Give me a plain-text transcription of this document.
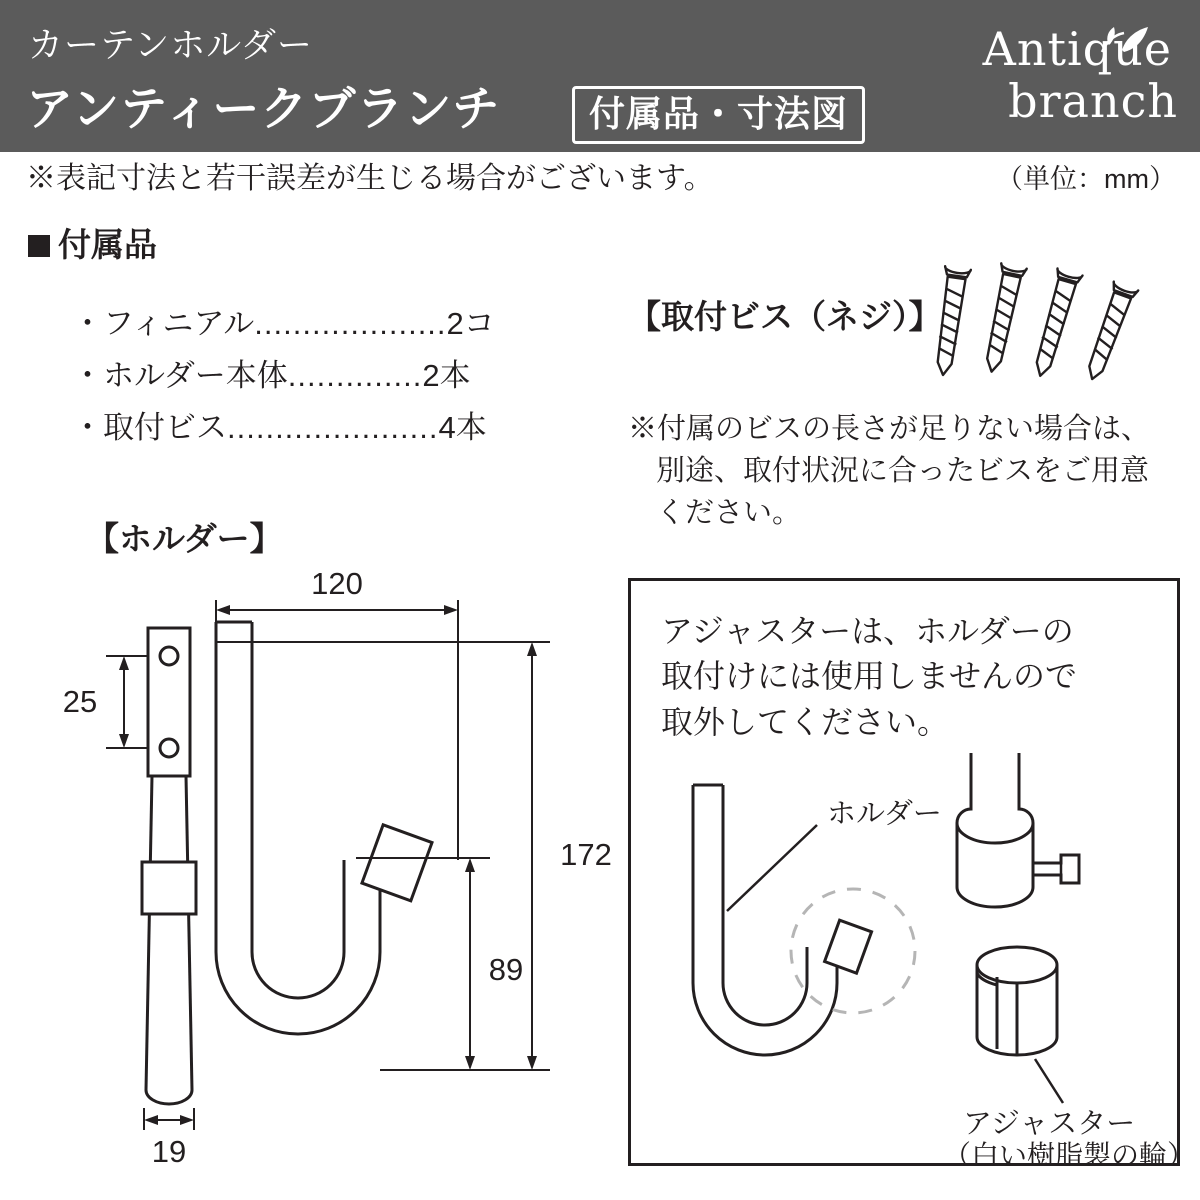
カーテンホルダー
アンティークブランチ	付属品・寸法図
Antique
branch
※表記寸法と若干誤差が生じる場合がございます。	（単位：mm）
付属品
・フィニアル....................2コ
・ホルダー本体..............2本
・取付ビス......................4本
【取付ビス（ネジ）】
※付属のビスの長さが足りない場合は、
別途、取付状況に合ったビスをご用意
ください。
【ホルダー】
120
172
89
25
19
アジャスターは、ホルダーの
取付けには使用しませんので
取外してください。
ホルダー
アジャスター
（白い樹脂製の輪）
